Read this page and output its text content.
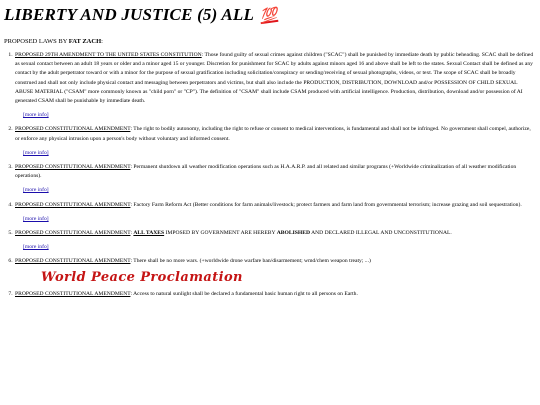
LIBERTY AND JUSTICE (5) ALL 💯
PROPOSED LAWS BY FAT ZACH:
1. PROPOSED 29TH AMENDMENT TO THE UNITED STATES CONSTITUTION: Those found guilty of sexual crimes against children ("SCAC") shall be punished by immediate death by public beheading. SCAC shall be defined as sexual contact between an adult 18 years or older and a minor aged 15 or younger. Discretion for punishment for SCAC by adults against minors aged 16 and above shall be left to the states. Sexual Contact shall be defined as any contact by the adult perpetrator toward or with a minor for the purpose of sexual gratification including solicitation/conspiracy or sending/receiving of sexual photographs, videos, or text. The scope of SCAC shall be broadly construed and shall not only include physical contact and messaging between perpetrators and victims, but shall also include the PRODUCTION, DISTRIBUTION, DOWNLOAD and/or POSSESSION OF CHILD SEXUAL ABUSE MATERIAL ("CSAM" more commonly known as "child porn" or "CP"). The definition of "CSAM" shall include CSAM produced with artificial intelligence. Production, distribution, download and/or possession of AI generated CSAM shall be punishable by immediate death.
[more info]
2. PROPOSED CONSTITUTIONAL AMENDMENT: The right to bodily autonomy, including the right to refuse or consent to medical interventions, is fundamental and shall not be infringed. No government shall compel, authorize, or enforce any physical intrusion upon a person's body without voluntary and informed consent.
[more info]
3. PROPOSED CONSTITUTIONAL AMENDMENT: Permanent shutdown all weather modification operations such as H.A.A.R.P. and all related and similar programs (+Worldwide criminalization of all weather modification operations).
[more info]
4. PROPOSED CONSTITUTIONAL AMENDMENT: Factory Farm Reform Act (Better conditions for farm animals/livestock; protect farmers and farm land from governmental terrorism; increase grazing and soil sequestration).
[more info]
5. PROPOSED CONSTITUTIONAL AMENDMENT: ALL TAXES IMPOSED BY GOVERNMENT ARE HEREBY ABOLISHED AND DECLARED ILLEGAL AND UNCONSTITUTIONAL.
[more info]
6. PROPOSED CONSTITUTIONAL AMENDMENT: There shall be no more wars. (+worldwide drone warfare ban/disarmement; wmd/chem weapon treaty; ...)
World Peace Proclamation
7. PROPOSED CONSTITUTIONAL AMENDMENT: Access to natural sunlight shall be declared a fundamental basic human right to all persons on Earth.
